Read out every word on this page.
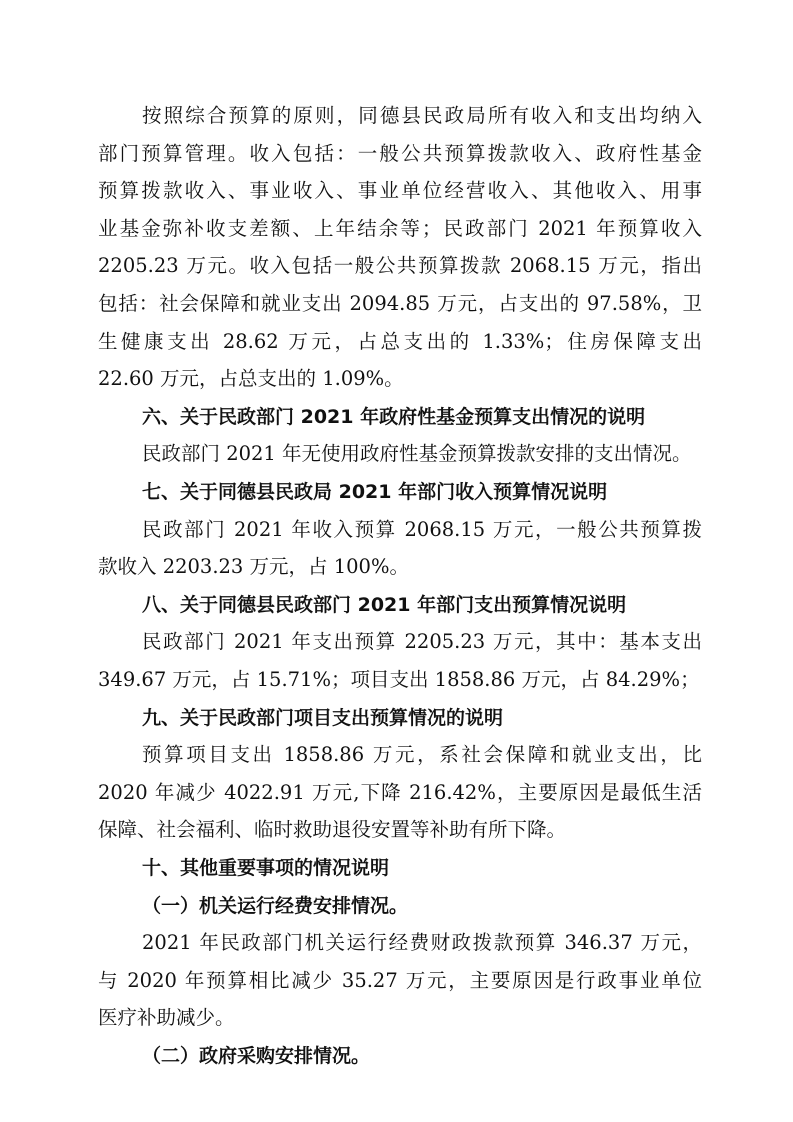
按照综合预算的原则，同德县民政局所有收入和支出均纳入
部门预算管理。收入包括：一般公共预算拨款收入、政府性基金
预算拨款收入、事业收入、事业单位经营收入、其他收入、用事
业基金弥补收支差额、上年结余等；民政部门 2021 年预算收入
2205.23 万元。收入包括一般公共预算拨款 2068.15 万元，指出
包括：社会保障和就业支出 2094.85 万元，占支出的 97.58%，卫
生健康支出 28.62 万元，占总支出的 1.33%；住房保障支出
22.60 万元，占总支出的 1.09%。
六、关于民政部门 2021 年政府性基金预算支出情况的说明
民政部门 2021 年无使用政府性基金预算拨款安排的支出情况。
七、关于同德县民政局 2021 年部门收入预算情况说明
民政部门 2021 年收入预算 2068.15 万元，一般公共预算拨
款收入 2203.23 万元，占 100%。
八、关于同德县民政部门 2021 年部门支出预算情况说明
民政部门 2021 年支出预算 2205.23 万元，其中：基本支出
349.67 万元，占 15.71%；项目支出 1858.86 万元，占 84.29%；
九、关于民政部门项目支出预算情况的说明
预算项目支出 1858.86 万元，系社会保障和就业支出，比
2020 年减少 4022.91 万元,下降 216.42%，主要原因是最低生活
保障、社会福利、临时救助退役安置等补助有所下降。
十、其他重要事项的情况说明
（一）机关运行经费安排情况。
2021 年民政部门机关运行经费财政拨款预算 346.37 万元，
与 2020 年预算相比减少 35.27 万元，主要原因是行政事业单位
医疗补助减少。
（二）政府采购安排情况。
